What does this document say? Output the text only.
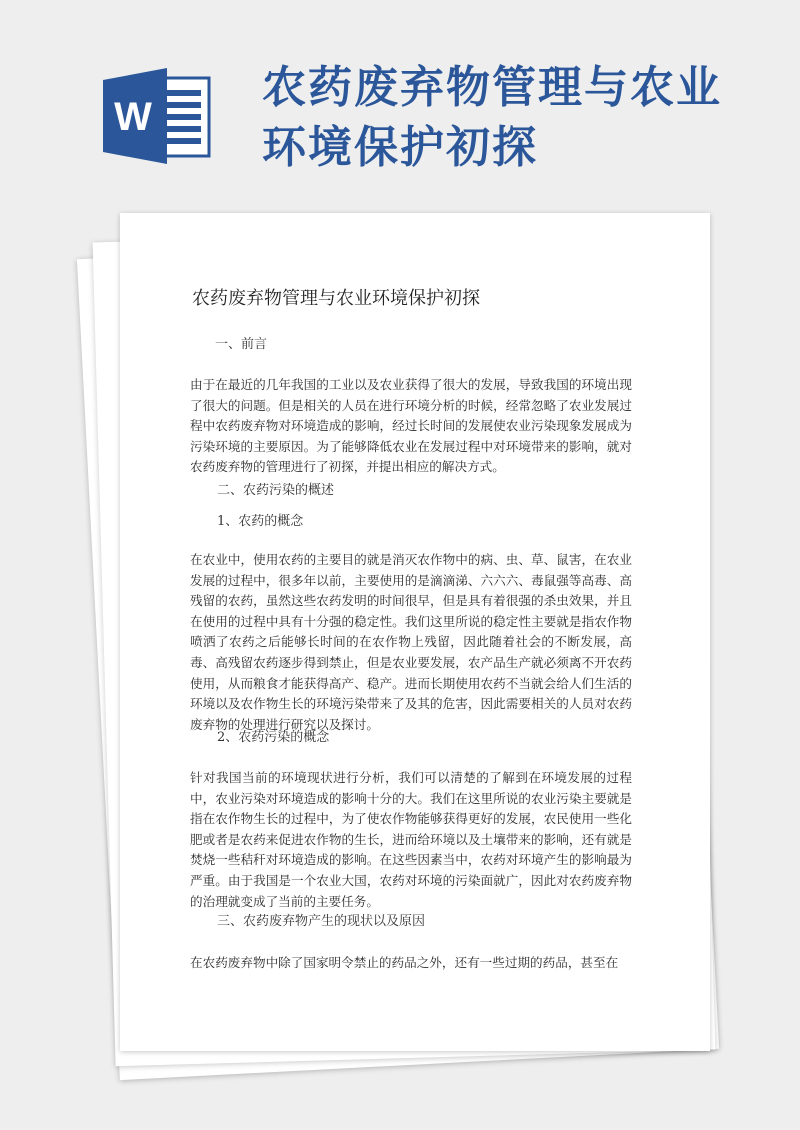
W
农药废弃物管理与农业
环境保护初探
农药废弃物管理与农业环境保护初探
一、前言
由于在最近的几年我国的工业以及农业获得了很大的发展，导致我国的环境出现了很大的问题。但是相关的人员在进行环境分析的时候，经常忽略了农业发展过程中农药废弃物对环境造成的影响，经过长时间的发展使农业污染现象发展成为污染环境的主要原因。为了能够降低农业在发展过程中对环境带来的影响，就对农药废弃物的管理进行了初探，并提出相应的解决方式。
二、农药污染的概述
1、农药的概念
在农业中，使用农药的主要目的就是消灭农作物中的病、虫、草、鼠害，在农业发展的过程中，很多年以前，主要使用的是滴滴涕、六六六、毒鼠强等高毒、高残留的农药，虽然这些农药发明的时间很早，但是具有着很强的杀虫效果，并且在使用的过程中具有十分强的稳定性。我们这里所说的稳定性主要就是指农作物喷洒了农药之后能够长时间的在农作物上残留，因此随着社会的不断发展，高毒、高残留农药逐步得到禁止，但是农业要发展，农产品生产就必须离不开农药使用，从而粮食才能获得高产、稳产。进而长期使用农药不当就会给人们生活的环境以及农作物生长的环境污染带来了及其的危害，因此需要相关的人员对农药废弃物的处理进行研究以及探讨。
2、农药污染的概念
针对我国当前的环境现状进行分析，我们可以清楚的了解到在环境发展的过程中，农业污染对环境造成的影响十分的大。我们在这里所说的农业污染主要就是指在农作物生长的过程中，为了使农作物能够获得更好的发展，农民使用一些化肥或者是农药来促进农作物的生长，进而给环境以及土壤带来的影响，还有就是焚烧一些秸秆对环境造成的影响。在这些因素当中，农药对环境产生的影响最为严重。由于我国是一个农业大国，农药对环境的污染面就广，因此对农药废弃物的治理就变成了当前的主要任务。
三、农药废弃物产生的现状以及原因
在农药废弃物中除了国家明令禁止的药品之外，还有一些过期的药品，甚至在
